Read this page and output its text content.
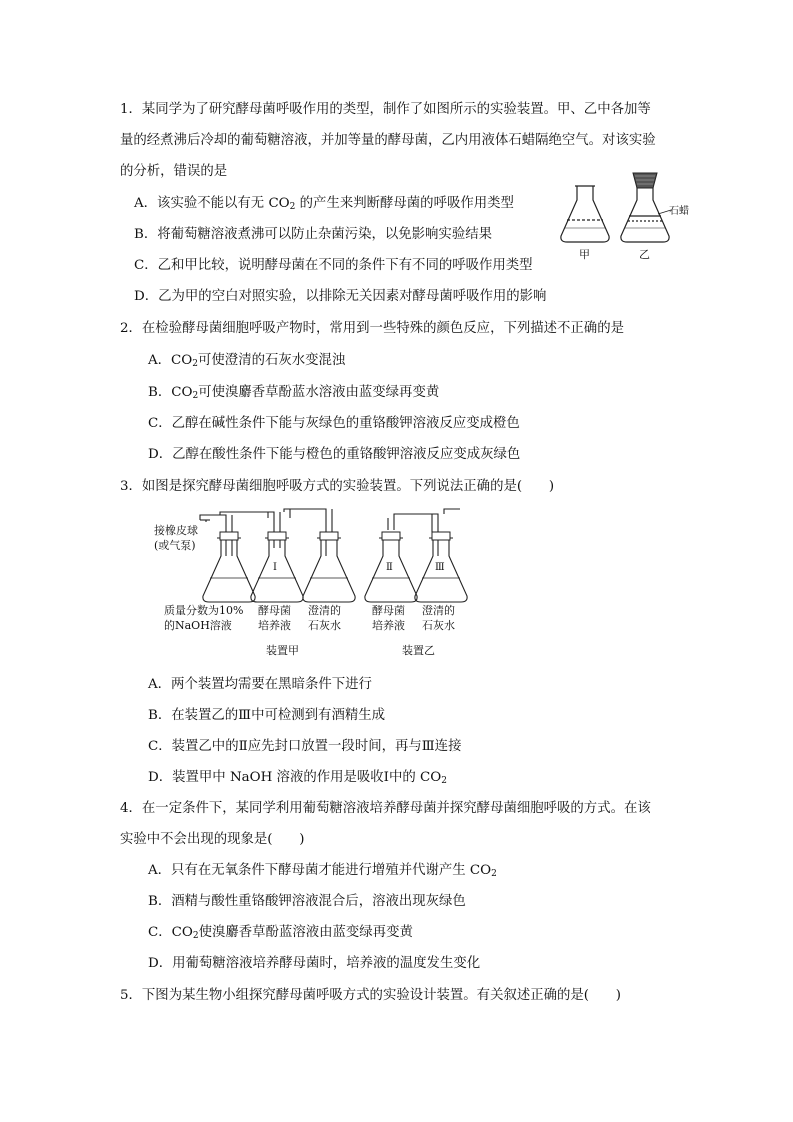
1．某同学为了研究酵母菌呼吸作用的类型，制作了如图所示的实验装置。甲、乙中各加等
量的经煮沸后冷却的葡萄糖溶液，并加等量的酵母菌，乙内用液体石蜡隔绝空气。对该实验
的分析，错误的是
A．该实验不能以有无 $CO_2$ 的产生来判断酵母菌的呼吸作用类型
B．将葡萄糖溶液煮沸可以防止杂菌污染，以免影响实验结果
C．乙和甲比较，说明酵母菌在不同的条件下有不同的呼吸作用类型
D．乙为甲的空白对照实验，以排除无关因素对酵母菌呼吸作用的影响
甲
石蜡
乙
2．在检验酵母菌细胞呼吸产物时，常用到一些特殊的颜色反应，下列描述不正确的是
A．$CO_2$可使澄清的石灰水变混浊
B．$CO_2$可使溴麝香草酚蓝水溶液由蓝变绿再变黄
C．乙醇在碱性条件下能与灰绿色的重铬酸钾溶液反应变成橙色
D．乙醇在酸性条件下能与橙色的重铬酸钾溶液反应变成灰绿色
3．如图是探究酵母菌细胞呼吸方式的实验装置。下列说法正确的是(　　)
接橡皮球
(或气泵)
Ⅰ	Ⅱ	Ⅲ
质量分数为10%
的NaOH溶液
酵母菌
培养液
澄清的
石灰水
酵母菌
培养液
澄清的
石灰水
装置甲	装置乙
A．两个装置均需要在黑暗条件下进行
B．在装置乙的Ⅲ中可检测到有酒精生成
C．装置乙中的Ⅱ应先封口放置一段时间，再与Ⅲ连接
D．装置甲中 NaOH 溶液的作用是吸收Ⅰ中的 $CO_2$
4．在一定条件下，某同学利用葡萄糖溶液培养酵母菌并探究酵母菌细胞呼吸的方式。在该
实验中不会出现的现象是(　　)
A．只有在无氧条件下酵母菌才能进行增殖并代谢产生 $CO_2$
B．酒精与酸性重铬酸钾溶液混合后，溶液出现灰绿色
C．$CO_2$使溴麝香草酚蓝溶液由蓝变绿再变黄
D．用葡萄糖溶液培养酵母菌时，培养液的温度发生变化
5．下图为某生物小组探究酵母菌呼吸方式的实验设计装置。有关叙述正确的是(　　)
